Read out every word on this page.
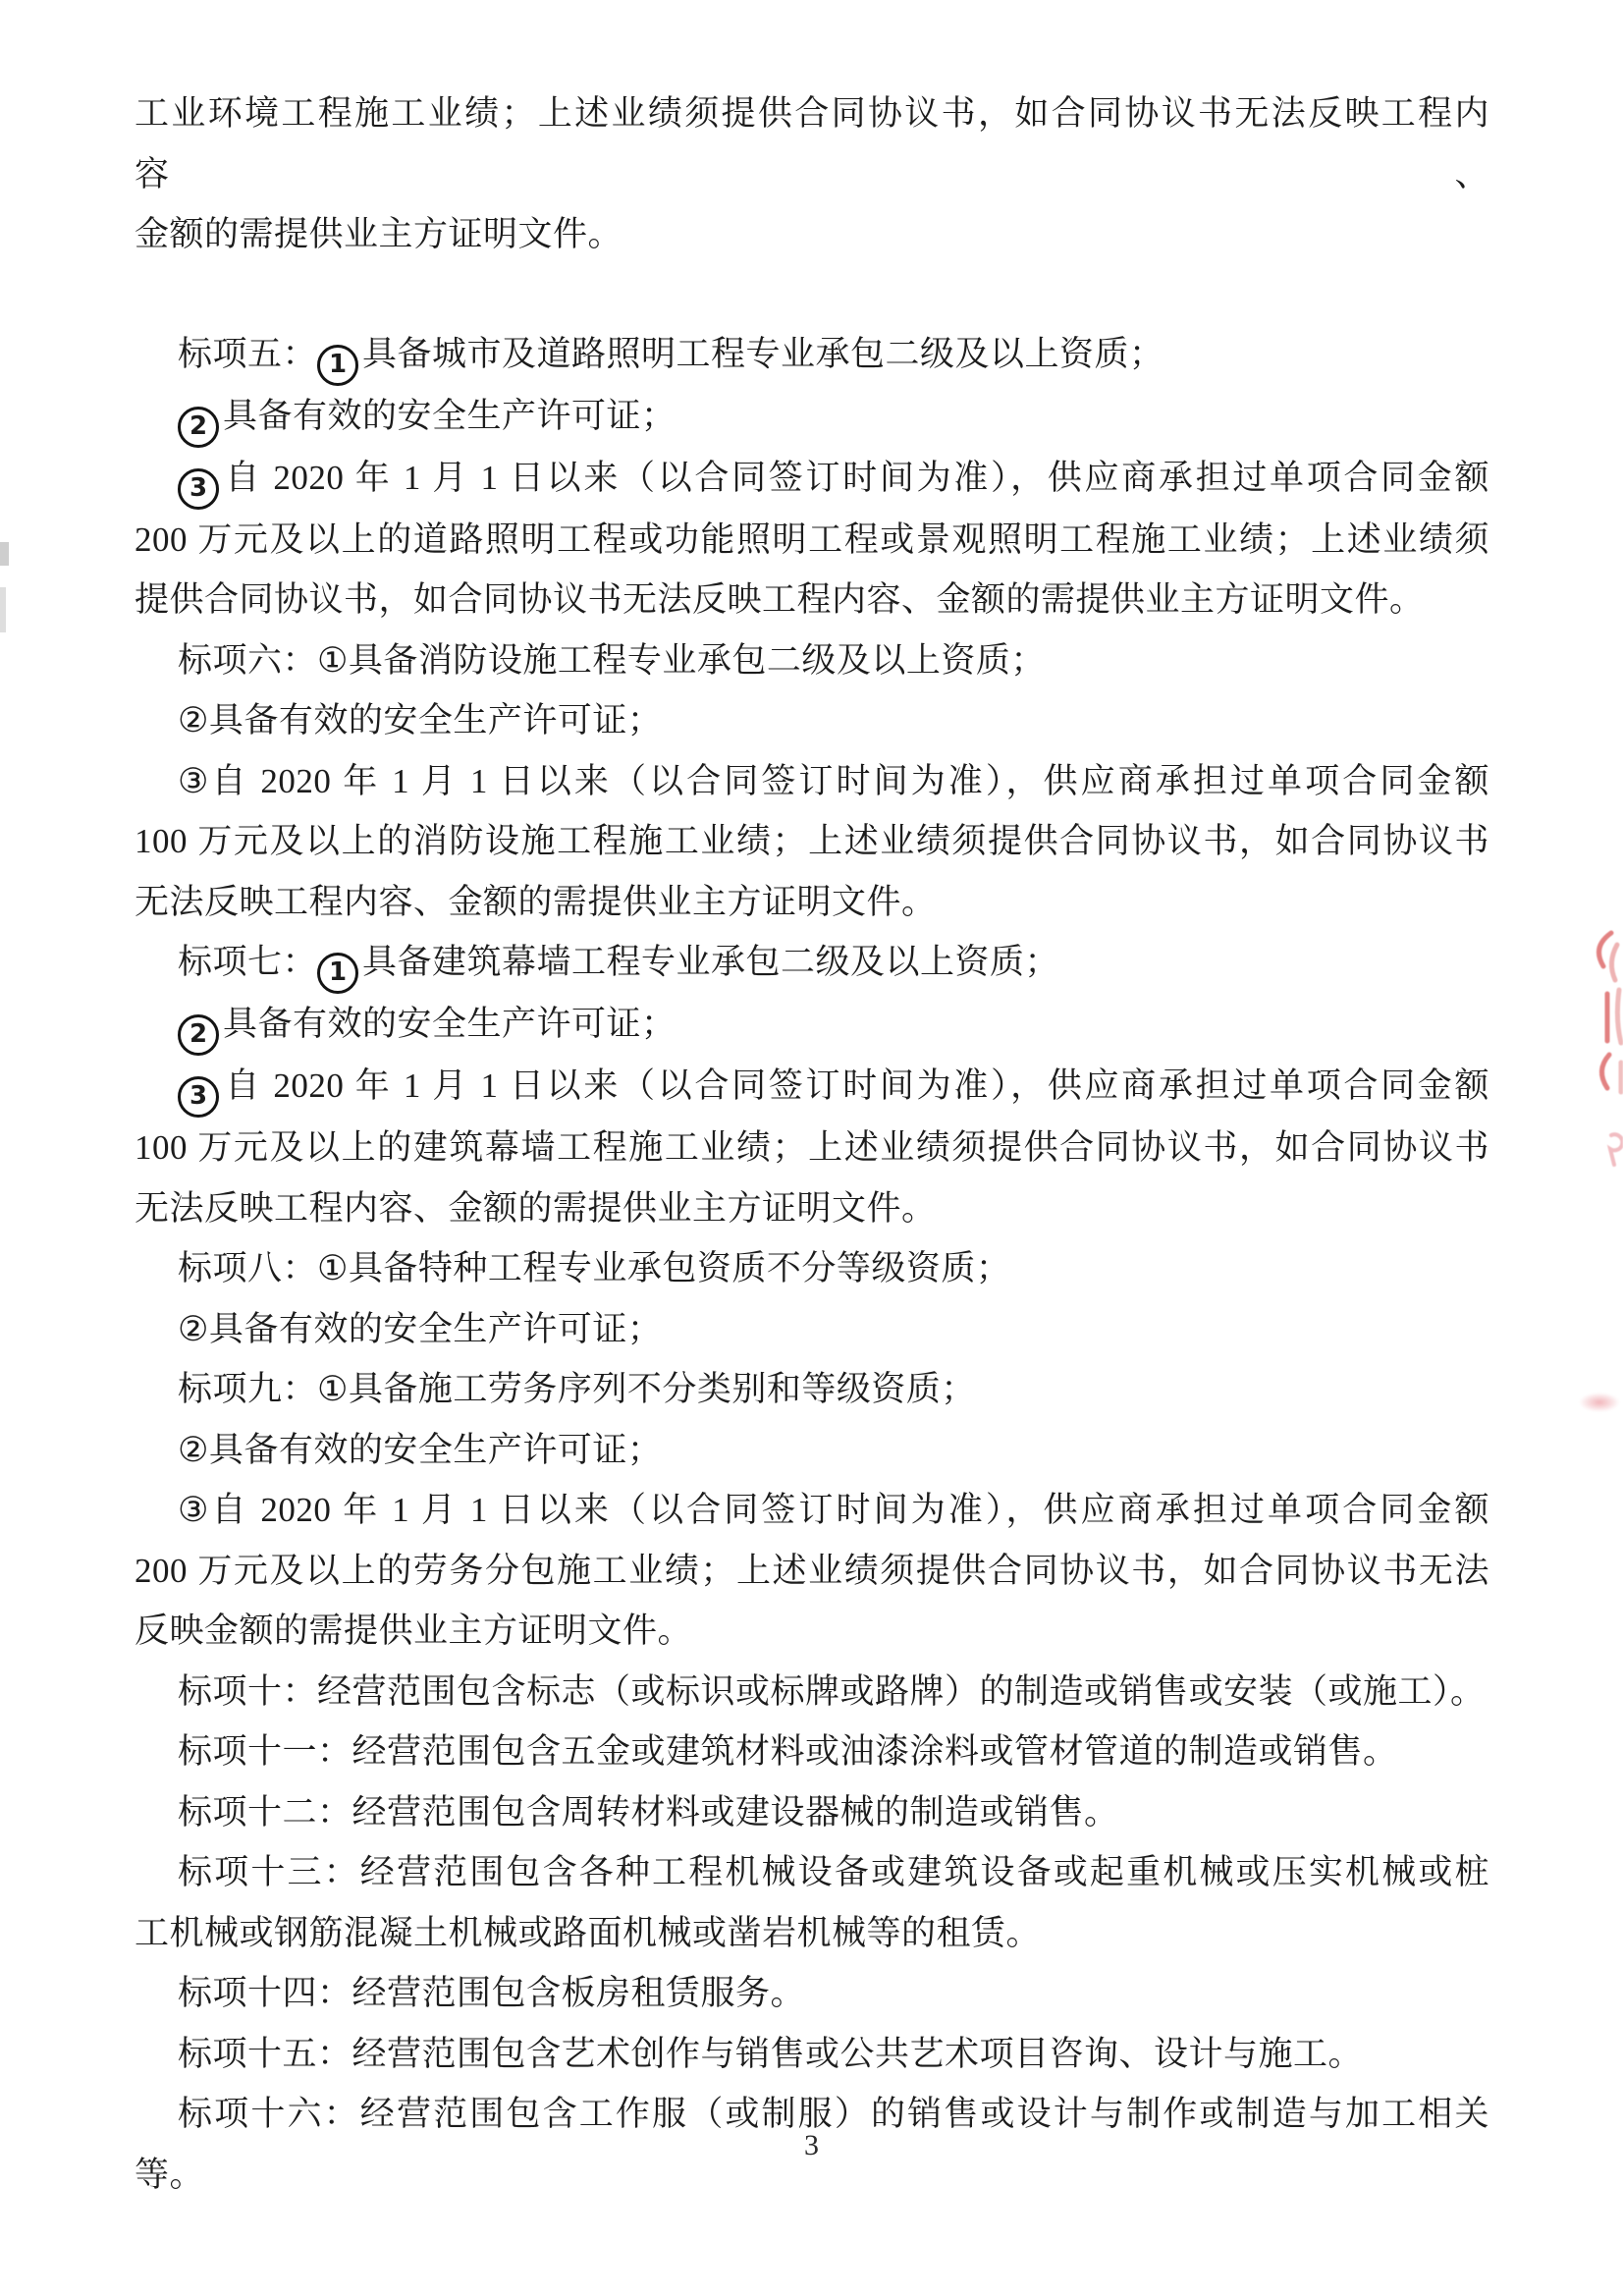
工业环境工程施工业绩；上述业绩须提供合同协议书，如合同协议书无法反映工程内容、
金额的需提供业主方证明文件。
标项五： 1 具备城市及道路照明工程专业承包二级及以上资质；
2 具备有效的安全生产许可证；
3 自 2020 年 1 月 1 日以来（以合同签订时间为准），供应商承担过单项合同金额
200 万元及以上的道路照明工程或功能照明工程或景观照明工程施工业绩；上述业绩须
提供合同协议书，如合同协议书无法反映工程内容、金额的需提供业主方证明文件。
标项六：①具备消防设施工程专业承包二级及以上资质；
②具备有效的安全生产许可证；
③自 2020 年 1 月 1 日以来（以合同签订时间为准），供应商承担过单项合同金额
100 万元及以上的消防设施工程施工业绩；上述业绩须提供合同协议书，如合同协议书
无法反映工程内容、金额的需提供业主方证明文件。
标项七： 1 具备建筑幕墙工程专业承包二级及以上资质；
2 具备有效的安全生产许可证；
3 自 2020 年 1 月 1 日以来（以合同签订时间为准），供应商承担过单项合同金额
100 万元及以上的建筑幕墙工程施工业绩；上述业绩须提供合同协议书，如合同协议书
无法反映工程内容、金额的需提供业主方证明文件。
标项八：①具备特种工程专业承包资质不分等级资质；
②具备有效的安全生产许可证；
标项九：①具备施工劳务序列不分类别和等级资质；
②具备有效的安全生产许可证；
③自 2020 年 1 月 1 日以来（以合同签订时间为准），供应商承担过单项合同金额
200 万元及以上的劳务分包施工业绩；上述业绩须提供合同协议书，如合同协议书无法
反映金额的需提供业主方证明文件。
标项十：经营范围包含标志（或标识或标牌或路牌）的制造或销售或安装（或施工）。
标项十一：经营范围包含五金或建筑材料或油漆涂料或管材管道的制造或销售。
标项十二：经营范围包含周转材料或建设器械的制造或销售。
标项十三：经营范围包含各种工程机械设备或建筑设备或起重机械或压实机械或桩
工机械或钢筋混凝土机械或路面机械或凿岩机械等的租赁。
标项十四：经营范围包含板房租赁服务。
标项十五：经营范围包含艺术创作与销售或公共艺术项目咨询、设计与施工。
标项十六：经营范围包含工作服（或制服）的销售或设计与制作或制造与加工相关
等。
3
